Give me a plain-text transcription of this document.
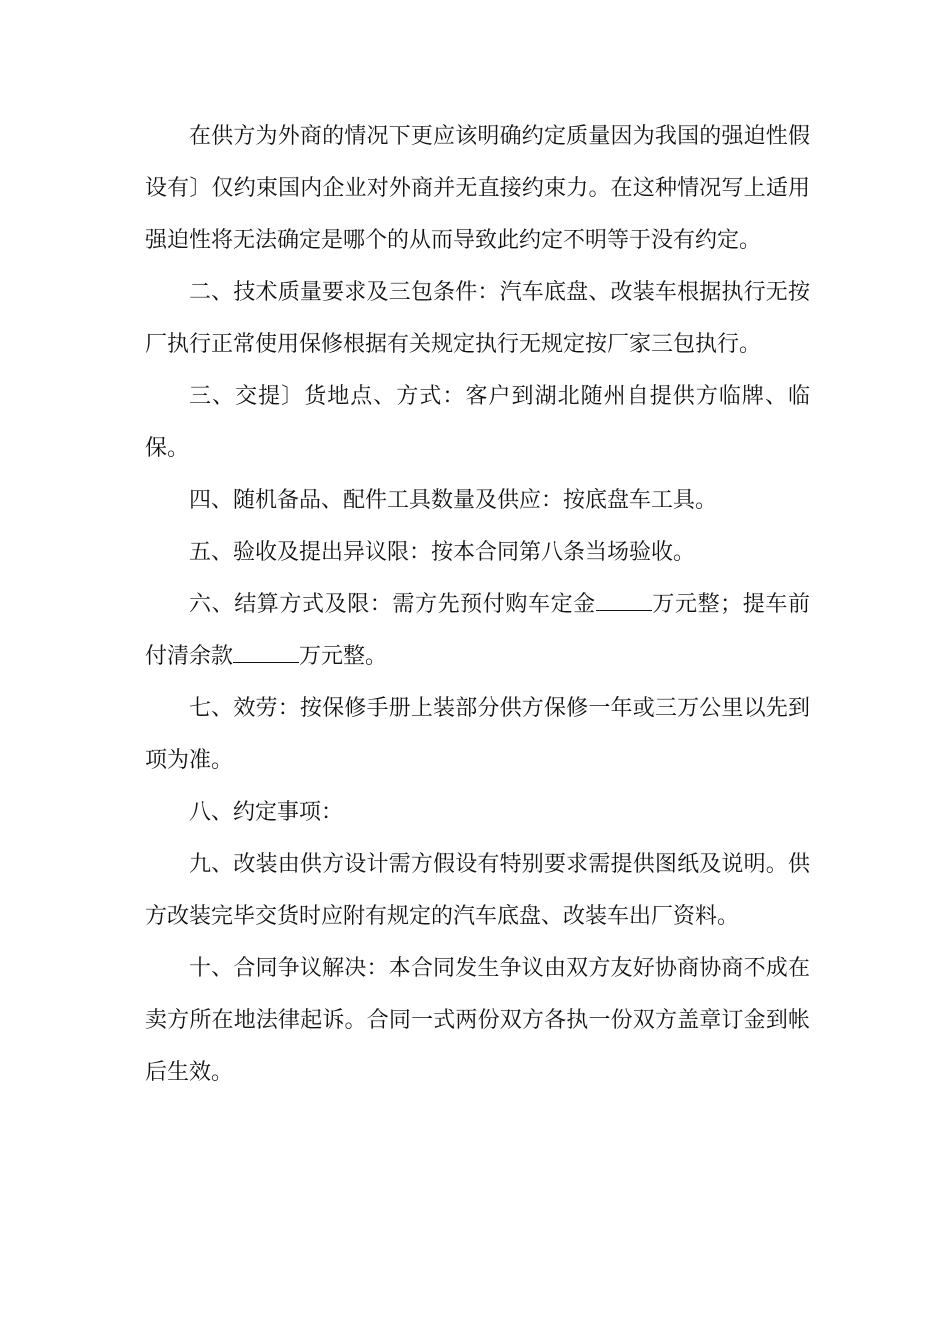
在供方为外商的情况下更应该明确约定质量因为我国的强迫性假设有〕仅约束国内企业对外商并无直接约束力。在这种情况写上适用强迫性将无法确定是哪个的从而导致此约定不明等于没有约定。

二、技术质量要求及三包条件：汽车底盘、改装车根据执行无按厂执行正常使用保修根据有关规定执行无规定按厂家三包执行。

三、交提〕货地点、方式：客户到湖北随州自提供方临牌、临保。

四、随机备品、配件工具数量及供应：按底盘车工具。

五、验收及提出异议限：按本合同第八条当场验收。

六、结算方式及限：需方先预付购车定金	万元整；提车前付清余款	万元整。

七、效劳：按保修手册上装部分供方保修一年或三万公里以先到项为准。

八、约定事项：

九、改装由供方设计需方假设有特别要求需提供图纸及说明。供方改装完毕交货时应附有规定的汽车底盘、改装车出厂资料。

十、合同争议解决：本合同发生争议由双方友好协商协商不成在卖方所在地法律起诉。合同一式两份双方各执一份双方盖章订金到帐后生效。
